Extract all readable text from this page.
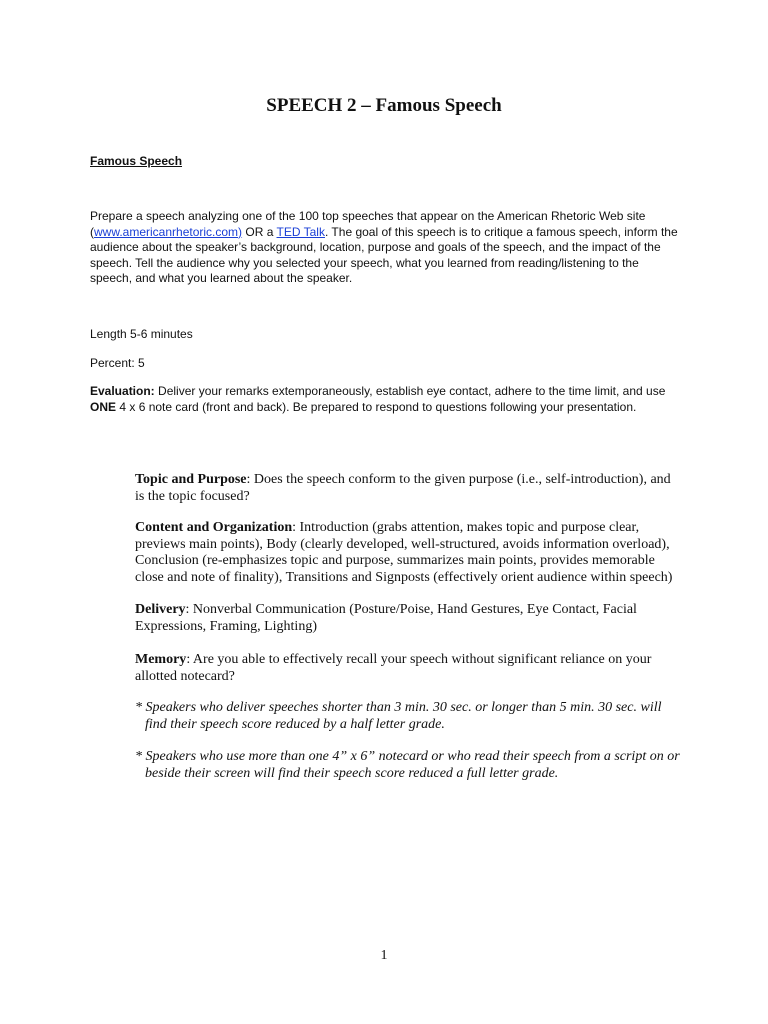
SPEECH 2 – Famous Speech
Famous Speech
Prepare a speech analyzing one of the 100 top speeches that appear on the American Rhetoric Web site (www.americanrhetoric.com) OR a TED Talk. The goal of this speech is to critique a famous speech, inform the audience about the speaker’s background, location, purpose and goals of the speech, and the impact of the speech. Tell the audience why you selected your speech, what you learned from reading/listening to the speech, and what you learned about the speaker.
Length 5-6 minutes
Percent: 5
Evaluation: Deliver your remarks extemporaneously, establish eye contact, adhere to the time limit, and use ONE 4 x 6 note card (front and back). Be prepared to respond to questions following your presentation.
Topic and Purpose: Does the speech conform to the given purpose (i.e., self-introduction), and is the topic focused?
Content and Organization: Introduction (grabs attention, makes topic and purpose clear, previews main points), Body (clearly developed, well-structured, avoids information overload), Conclusion (re-emphasizes topic and purpose, summarizes main points, provides memorable close and note of finality), Transitions and Signposts (effectively orient audience within speech)
Delivery: Nonverbal Communication (Posture/Poise, Hand Gestures, Eye Contact, Facial Expressions, Framing, Lighting)
Memory: Are you able to effectively recall your speech without significant reliance on your allotted notecard?
* Speakers who deliver speeches shorter than 3 min. 30 sec. or longer than 5 min. 30 sec. will
find their speech score reduced by a half letter grade.
* Speakers who use more than one 4” x 6” notecard or who read their speech from a script on or
beside their screen will find their speech score reduced a full letter grade.
1
